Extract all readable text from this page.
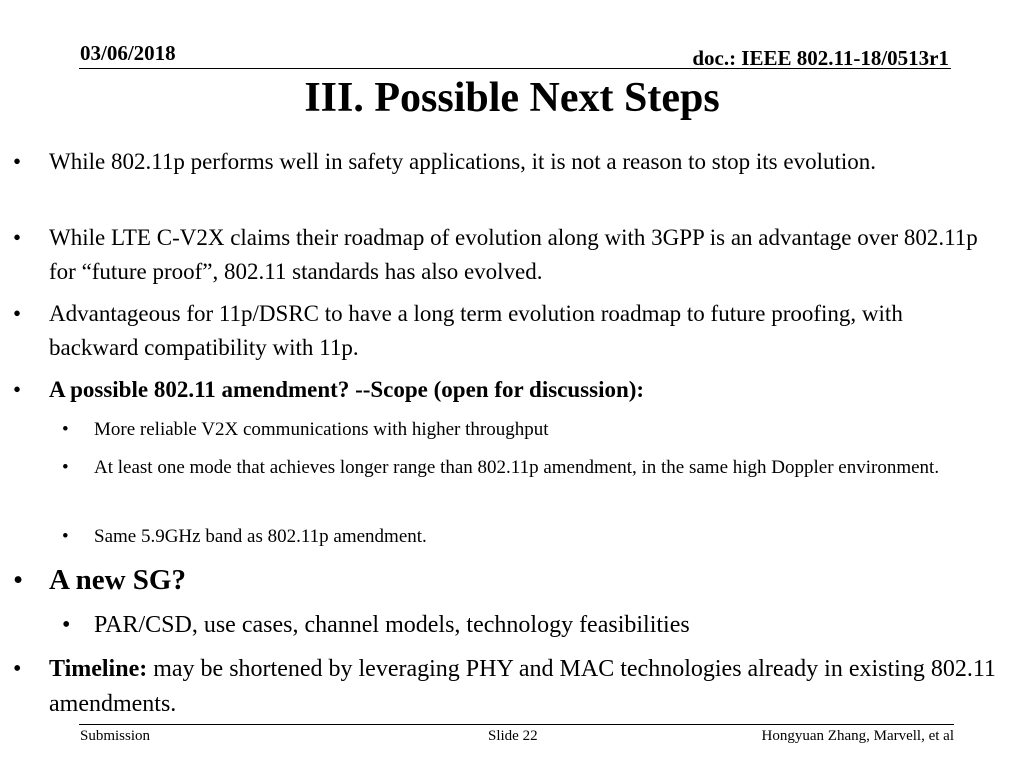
03/06/2018	doc.: IEEE 802.11-18/0513r1
III. Possible Next Steps
• While 802.11p performs well in safety applications, it is not a reason to stop its evolution.
• While LTE C-V2X claims their roadmap of evolution along with 3GPP is an advantage over 802.11p for “future proof”, 802.11 standards has also evolved.
• Advantageous for 11p/DSRC to have a long term evolution roadmap to future proofing, with backward compatibility with 11p.
• A possible 802.11 amendment? --Scope (open for discussion):
• More reliable V2X communications with higher throughput
• At least one mode that achieves longer range than 802.11p amendment, in the same high Doppler environment.
• Same 5.9GHz band as 802.11p amendment.
• A new SG?
• PAR/CSD, use cases, channel models, technology feasibilities
• Timeline: may be shortened by leveraging PHY and MAC technologies already in existing 802.11 amendments.
Submission	Slide 22	Hongyuan Zhang, Marvell, et al
